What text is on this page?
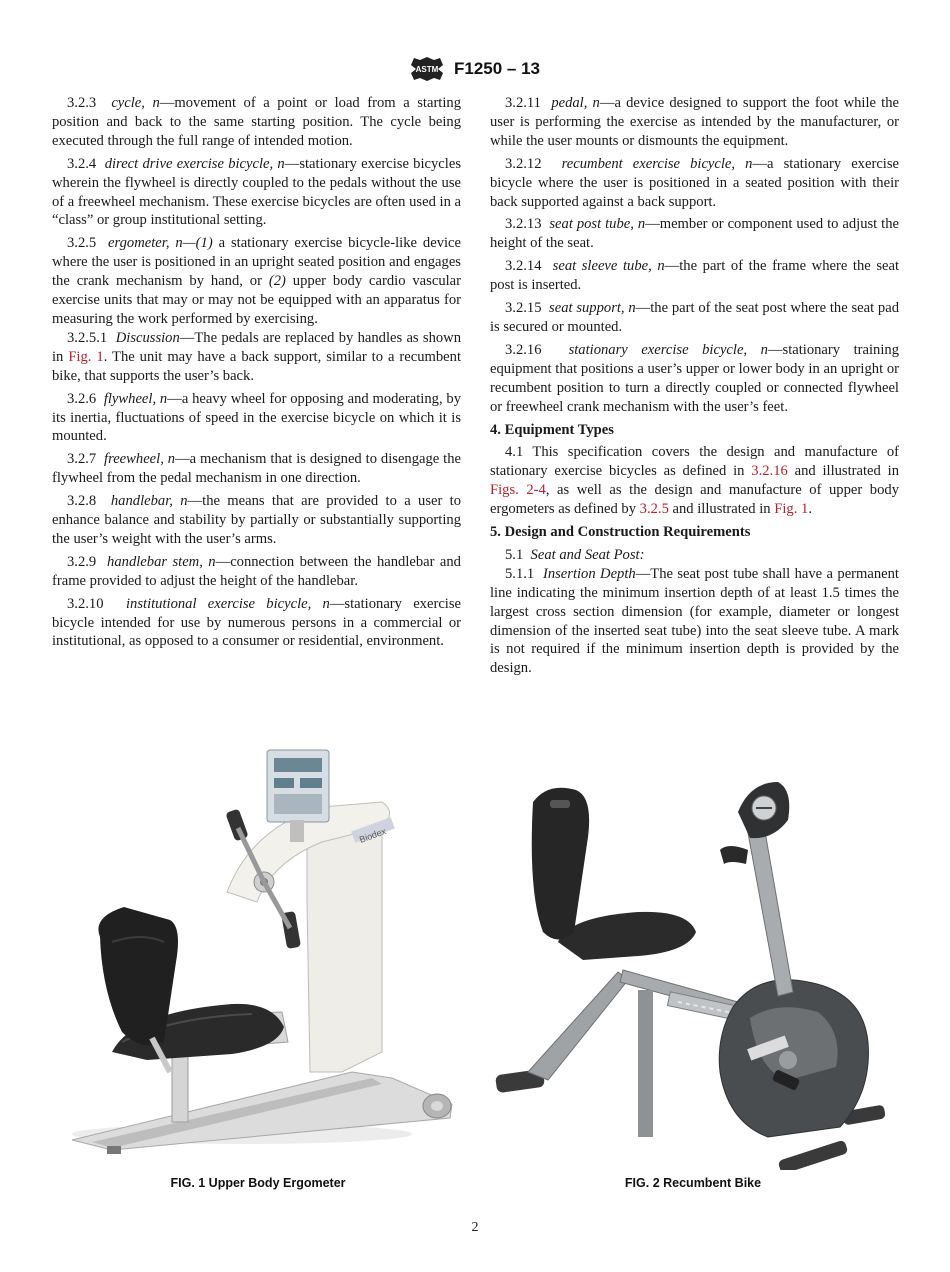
ASTM F1250 – 13

3.2.3 cycle, n—movement of a point or load from a starting position and back to the same starting position. The cycle being executed through the full range of intended motion.

3.2.4 direct drive exercise bicycle, n—stationary exercise bicycles wherein the flywheel is directly coupled to the pedals without the use of a freewheel mechanism. These exercise bicycles are often used in a “class” or group institutional setting.

3.2.5 ergometer, n—(1) a stationary exercise bicycle-like device where the user is positioned in an upright seated position and engages the crank mechanism by hand, or (2) upper body cardio vascular exercise units that may or may not be equipped with an apparatus for measuring the work performed by exercising.

3.2.5.1 Discussion—The pedals are replaced by handles as shown in Fig. 1. The unit may have a back support, similar to a recumbent bike, that supports the user’s back.

3.2.6 flywheel, n—a heavy wheel for opposing and moderating, by its inertia, fluctuations of speed in the exercise bicycle on which it is mounted.

3.2.7 freewheel, n—a mechanism that is designed to disengage the flywheel from the pedal mechanism in one direction.

3.2.8 handlebar, n—the means that are provided to a user to enhance balance and stability by partially or substantially supporting the user’s weight with the user’s arms.

3.2.9 handlebar stem, n—connection between the handlebar and frame provided to adjust the height of the handlebar.

3.2.10 institutional exercise bicycle, n—stationary exercise bicycle intended for use by numerous persons in a commercial or institutional, as opposed to a consumer or residential, environment.

3.2.11 pedal, n—a device designed to support the foot while the user is performing the exercise as intended by the manufacturer, or while the user mounts or dismounts the equipment.

3.2.12 recumbent exercise bicycle, n—a stationary exercise bicycle where the user is positioned in a seated position with their back supported against a back support.

3.2.13 seat post tube, n—member or component used to adjust the height of the seat.

3.2.14 seat sleeve tube, n—the part of the frame where the seat post is inserted.

3.2.15 seat support, n—the part of the seat post where the seat pad is secured or mounted.

3.2.16 stationary exercise bicycle, n—stationary training equipment that positions a user’s upper or lower body in an upright or recumbent position to turn a directly coupled or connected flywheel or freewheel crank mechanism with the user’s feet.

4. Equipment Types

4.1 This specification covers the design and manufacture of stationary exercise bicycles as defined in 3.2.16 and illustrated in Figs. 2-4, as well as the design and manufacture of upper body ergometers as defined by 3.2.5 and illustrated in Fig. 1.

5. Design and Construction Requirements

5.1 Seat and Seat Post:

5.1.1 Insertion Depth—The seat post tube shall have a permanent line indicating the minimum insertion depth of at least 1.5 times the largest cross section dimension (for example, diameter or longest dimension of the inserted seat tube) into the seat sleeve tube. A mark is not required if the minimum insertion depth is provided by the design.

Biodex
FIG. 1 Upper Body Ergometer	FIG. 2 Recumbent Bike
2
